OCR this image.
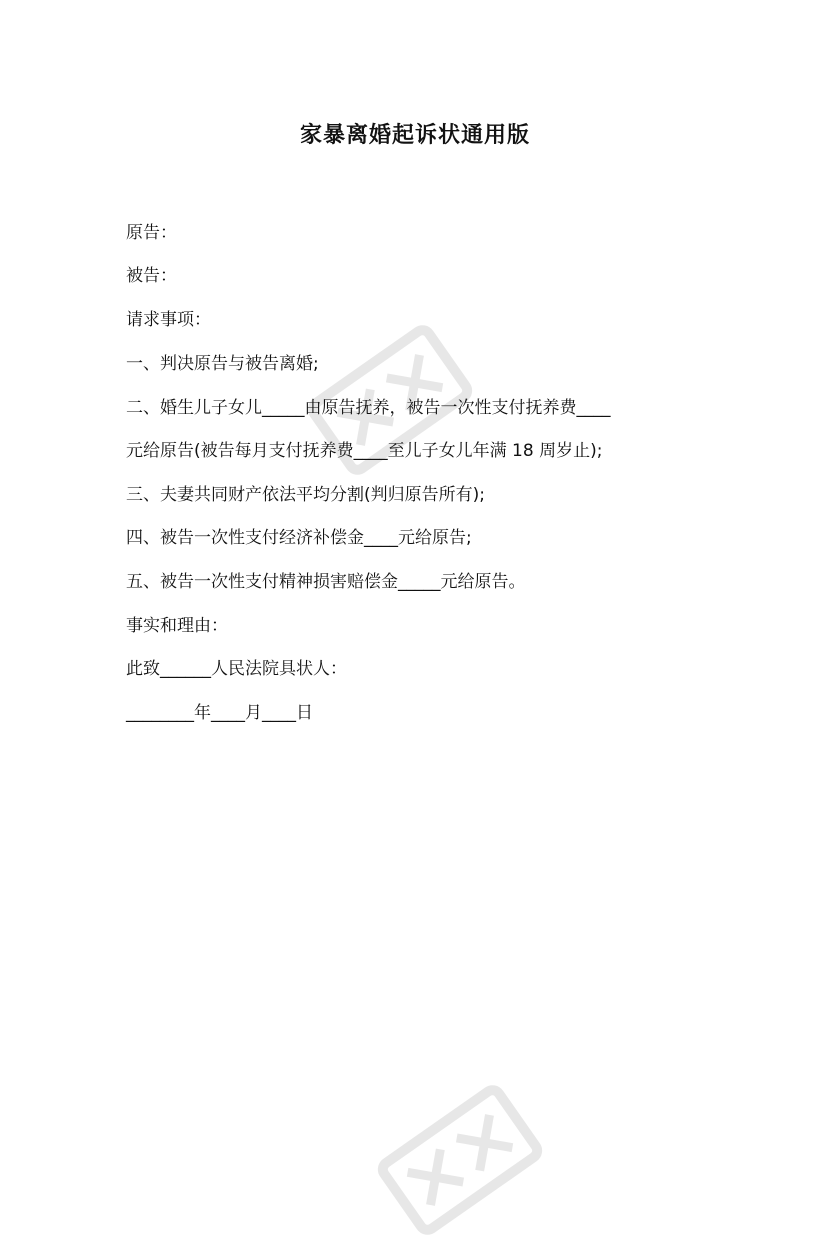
家暴离婚起诉状通用版
原告：
被告：
请求事项：
一、判决原告与被告离婚;
二、婚生儿子女儿_____由原告抚养，被告一次性支付抚养费____
元给原告(被告每月支付抚养费____至儿子女儿年满 18 周岁止);
三、夫妻共同财产依法平均分割(判归原告所有);
四、被告一次性支付经济补偿金____元给原告;
五、被告一次性支付精神损害赔偿金_____元给原告。
事实和理由：
此致______人民法院具状人：
________年____月____日
